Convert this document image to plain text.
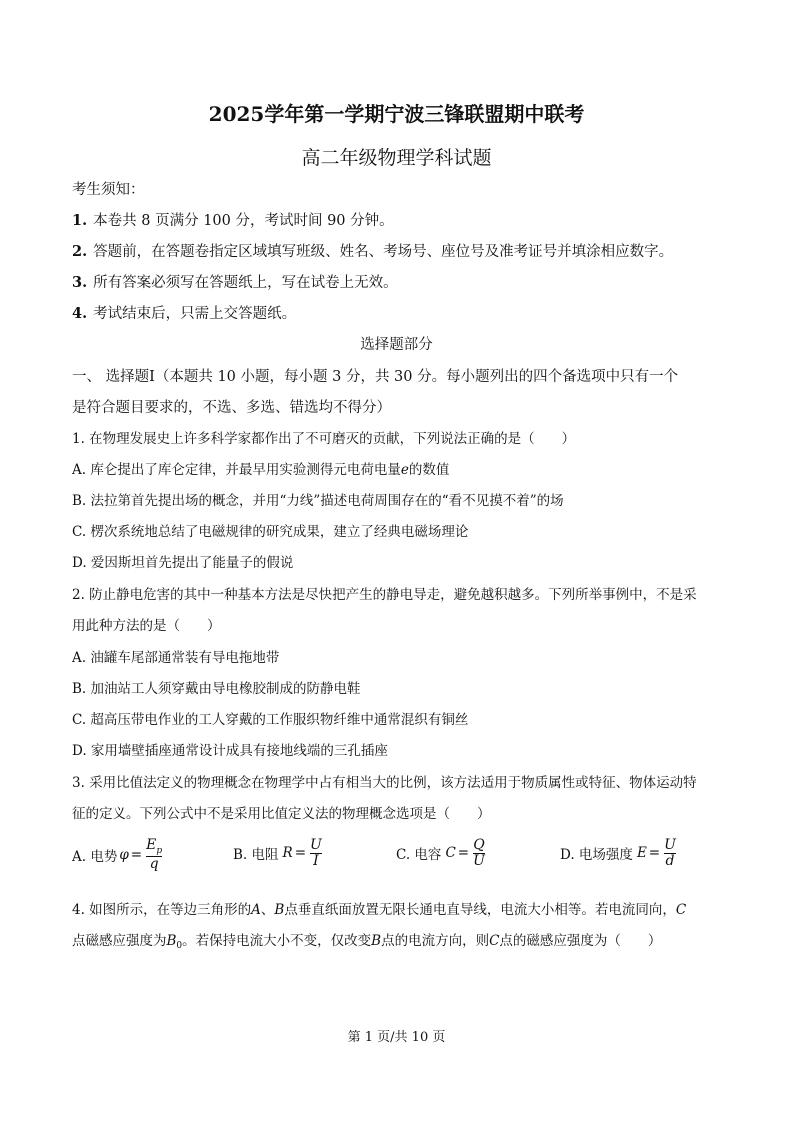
2025学年第一学期宁波三锋联盟期中联考
高二年级物理学科试题
考生须知：
1. 本卷共 8 页满分 100 分，考试时间 90 分钟。
2. 答题前，在答题卷指定区域填写班级、姓名、考场号、座位号及准考证号并填涂相应数字。
3. 所有答案必须写在答题纸上，写在试卷上无效。
4. 考试结束后，只需上交答题纸。
选择题部分
一、 选择题Ⅰ（本题共 10 小题，每小题 3 分，共 30 分。每小题列出的四个备选项中只有一个
是符合题目要求的，不选、多选、错选均不得分）
1. 在物理发展史上许多科学家都作出了不可磨灭的贡献，下列说法正确的是（　　）
A. 库仑提出了库仑定律，并最早用实验测得元电荷电量e的数值
B. 法拉第首先提出场的概念，并用“力线”描述电荷周围存在的“看不见摸不着”的场
C. 楞次系统地总结了电磁规律的研究成果，建立了经典电磁场理论
D. 爱因斯坦首先提出了能量子的假说
2. 防止静电危害的其中一种基本方法是尽快把产生的静电导走，避免越积越多。下列所举事例中，不是采
用此种方法的是（　　）
A. 油罐车尾部通常装有导电拖地带
B. 加油站工人须穿戴由导电橡胶制成的防静电鞋
C. 超高压带电作业的工人穿戴的工作服织物纤维中通常混织有铜丝
D. 家用墙壁插座通常设计成具有接地线端的三孔插座
3. 采用比值法定义的物理概念在物理学中占有相当大的比例，该方法适用于物质属性或特征、物体运动特
征的定义。下列公式中不是采用比值定义法的物理概念选项是（　　）
A. 电势 $\varphi = \frac{E_p}{q}$	B. 电阻 $R = \frac{U}{I}$	C. 电容 $C = \frac{Q}{U}$	D. 电场强度 $E = \frac{U}{d}$
4. 如图所示，在等边三角形的A、B点垂直纸面放置无限长通电直导线，电流大小相等。若电流同向，C
点磁感应强度为$B_0$。若保持电流大小不变，仅改变B点的电流方向，则C点的磁感应强度为（　　）
第 1 页/共 10 页
